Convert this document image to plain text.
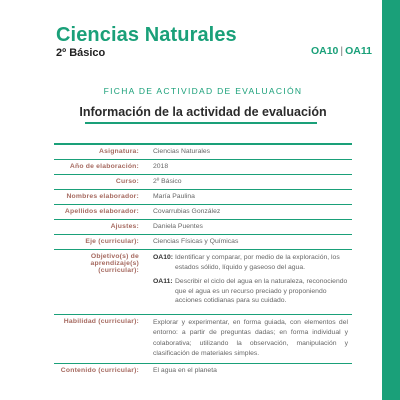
Ciencias Naturales
2º Básico	OA10 | OA11
FICHA DE ACTIVIDAD DE EVALUACIÓN
Información de la actividad de evaluación
Asignatura:	Ciencias Naturales
Año de elaboración:	2018
Curso:	2º Básico
Nombres elaborador:	María Paulina
Apellidos elaborador:	Covarrubias González
Ajustes:	Daniela Puentes
Eje (curricular):	Ciencias Físicas y Químicas
Objetivo(s) de aprendizaje(s) (curricular):	OA10: Identificar y comparar, por medio de la exploración, los estados sólido, líquido y gaseoso del agua.
OA11: Describir el ciclo del agua en la naturaleza, reconociendo que el agua es un recurso preciado y proponiendo acciones cotidianas para su cuidado.

Habilidad (curricular):	Explorar y experimentar, en forma guiada, con elementos del entorno: a partir de preguntas dadas; en forma individual y colaborativa; utilizando la observación, manipulación y clasificación de materiales simples.
Contenido (curricular):	El agua en el planeta
